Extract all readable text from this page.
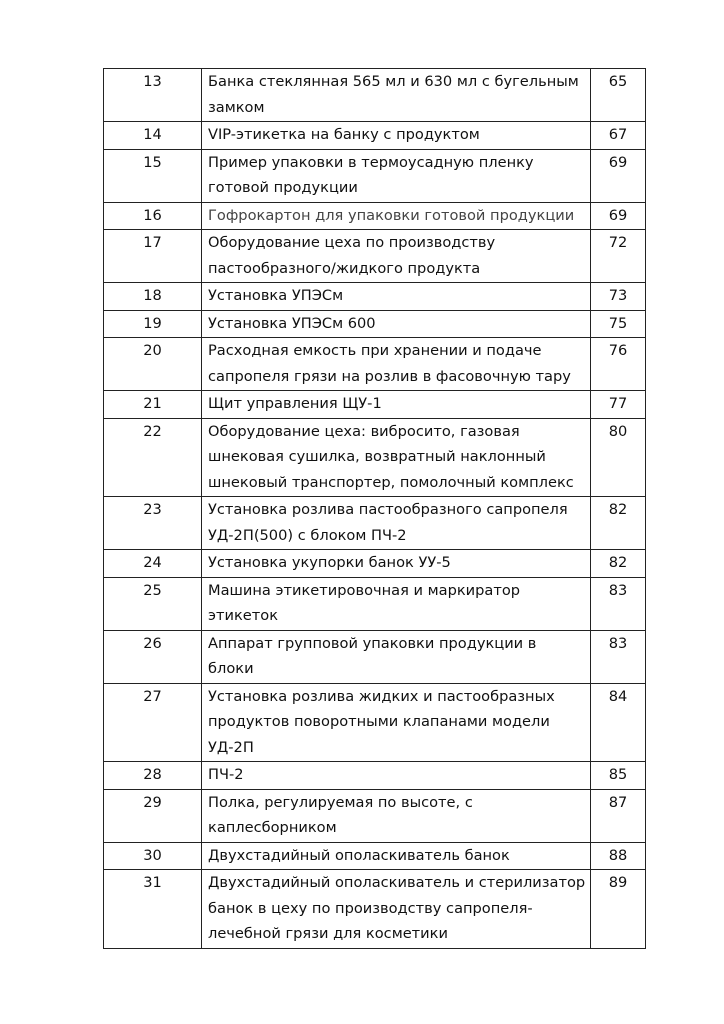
13	Банка стеклянная 565 мл и 630 мл с бугельным замком	65
14	VIP-этикетка на банку с продуктом	67
15	Пример упаковки в термоусадную пленку готовой продукции	69
16	Гофрокартон для упаковки готовой продукции	69
17	Оборудование цеха по производству пастообразного/жидкого продукта	72
18	Установка УПЭСм	73
19	Установка УПЭСм 600	75
20	Расходная емкость при хранении и подаче сапропеля грязи на розлив в фасовочную тару	76
21	Щит управления ЩУ-1	77
22	Оборудование цеха: вибросито, газовая шнековая сушилка, возвратный наклонный шнековый транспортер, помолочный комплекс	80
23	Установка розлива пастообразного сапропеля УД-2П(500) с блоком ПЧ-2	82
24	Установка укупорки банок УУ-5	82
25	Машина этикетировочная и маркиратор этикеток	83
26	Аппарат групповой упаковки продукции в блоки	83
27	Установка розлива жидких и пастообразных продуктов поворотными клапанами модели УД-2П	84
28	ПЧ-2	85
29	Полка, регулируемая по высоте, с каплесборником	87
30	Двухстадийный ополаскиватель банок	88
31	Двухстадийный ополаскиватель и стерилизатор банок в цеху по производству сапропеля-лечебной грязи для косметики	89
